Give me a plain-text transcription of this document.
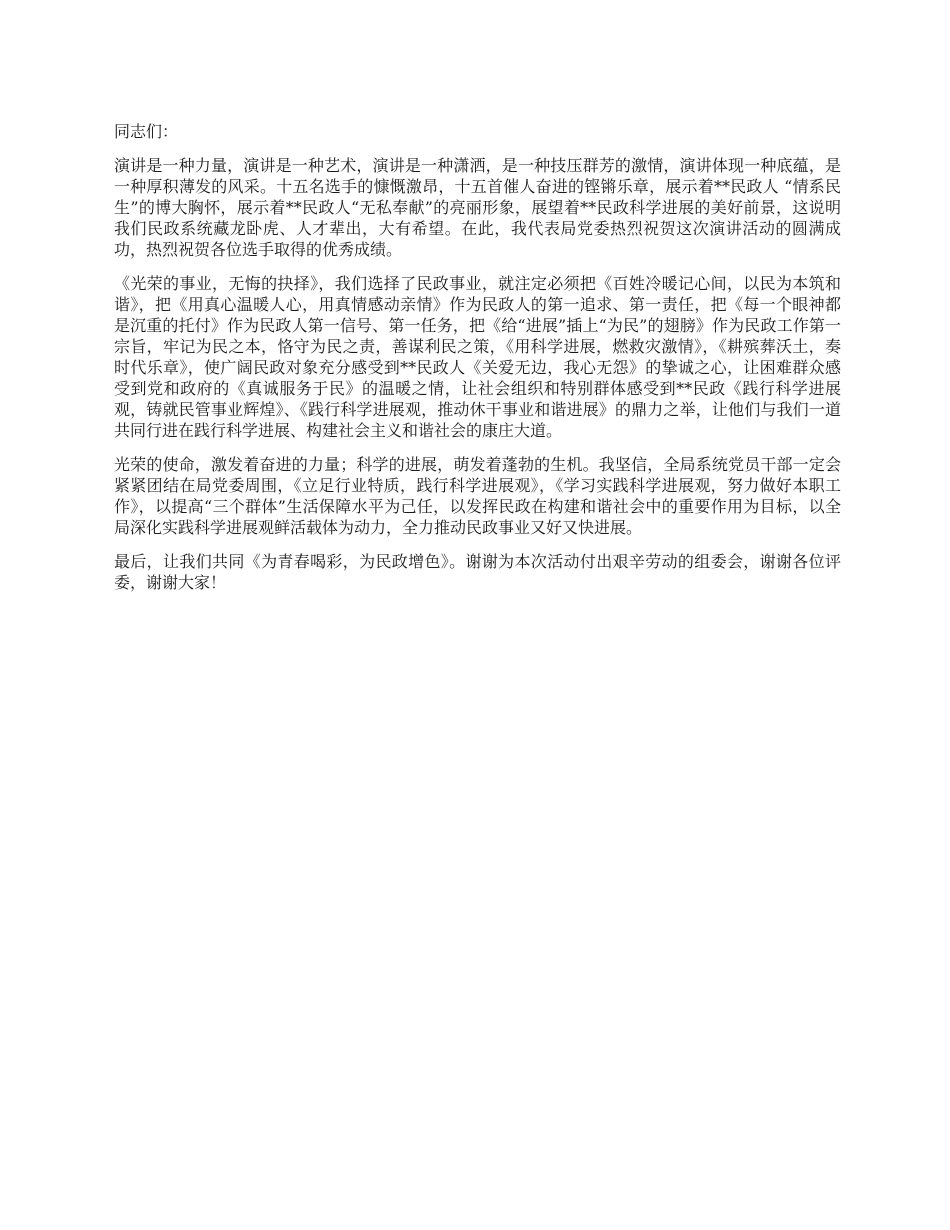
同志们：

演讲是一种力量，演讲是一种艺术，演讲是一种潇洒，是一种技压群芳的激情，演讲体现一种底蕴，是一种厚积薄发的风采。十五名选手的慷慨激昂，十五首催人奋进的铿锵乐章，展示着**民政人 “情系民生”的博大胸怀，展示着**民政人“无私奉献”的亮丽形象，展望着**民政科学进展的美好前景，这说明我们民政系统藏龙卧虎、人才辈出，大有希望。在此，我代表局党委热烈祝贺这次演讲活动的圆满成功，热烈祝贺各位选手取得的优秀成绩。

《光荣的事业，无悔的抉择》，我们选择了民政事业，就注定必须把《百姓冷暖记心间，以民为本筑和谐》，把《用真心温暖人心，用真情感动亲情》作为民政人的第一追求、第一责任，把《每一个眼神都是沉重的托付》作为民政人第一信号、第一任务，把《给“进展”插上“为民”的翅膀》作为民政工作第一宗旨，牢记为民之本，恪守为民之责，善谋利民之策，《用科学进展，燃救灾激情》，《耕殡葬沃土，奏时代乐章》，使广阔民政对象充分感受到**民政人《关爱无边，我心无怨》的挚诚之心，让困难群众感受到党和政府的《真诚服务于民》的温暖之情，让社会组织和特别群体感受到**民政《践行科学进展观，铸就民管事业辉煌》、《践行科学进展观，推动休干事业和谐进展》的鼎力之举，让他们与我们一道共同行进在践行科学进展、构建社会主义和谐社会的康庄大道。

光荣的使命，激发着奋进的力量；科学的进展，萌发着蓬勃的生机。我坚信，全局系统党员干部一定会紧紧团结在局党委周围，《立足行业特质，践行科学进展观》，《学习实践科学进展观，努力做好本职工作》，以提高“三个群体”生活保障水平为己任，以发挥民政在构建和谐社会中的重要作用为目标，以全局深化实践科学进展观鲜活载体为动力，全力推动民政事业又好又快进展。

最后，让我们共同《为青春喝彩，为民政增色》。谢谢为本次活动付出艰辛劳动的组委会，谢谢各位评委，谢谢大家！
